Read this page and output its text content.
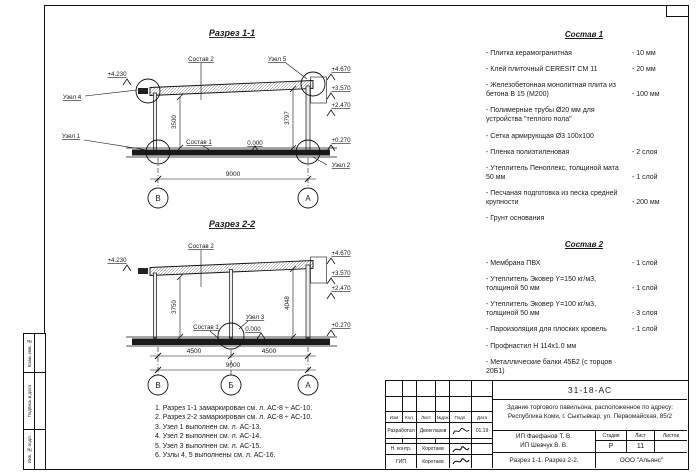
Разрез 1-1
3500	3797
Состав 2	Узел 5
Узел 4
Узел 1
Узел 2
Состав 1
+4.230
0.000
+4.670
+3.570
+2.470
+0.270
9000
В	А
Разрез 2-2
3750	4048
Состав 2
+4.230
Состав 1
Узел 3
0.000
+4.670
+3.570
+2.470
+0.270
4500	4500
9000
В	Б	А
Состав 1
- Плитка керамогранитная	- 10 мм
- Клей плиточный CERESIT CM 11	- 20 мм
- Железобетонная монолитная плита из бетона В 15 (М200)	- 100 мм
- Полимерные трубы Ø20 мм для устройства "теплого пола"
- Сетка армирующая Ø3 100х100
- Пленка полиэтиленовая	- 2 слоя
- Утеплитель Пеноплекс, толщиной мата 50 мм	- 1 слой
- Песчаная подготовка из песка средней крупности	- 200 мм
- Грунт основания
Состав 2
- Мембрана ПВХ	- 1 слой
- Утеплитель Эковер Y=150 кг/м3, толщиной 50 мм	- 1 слой
- Утеплитель Эковер Y=100 кг/м3, толщиной 50 мм	- 3 слоя
- Пароизоляция для плоских кровель	- 1 слой
- Профнастил Н 114х1.0 мм
- Металлические балки 45Б2 (с торцов 20Б1)
1. Разрез 1-1 замаркирован см. л. АС-8 ÷ АС-10.
2. Разрез 2-2 замаркирован см. л. АС-8 ÷ АС-10.
3. Узел 1 выполнен см. л. АС-13.
4. Узел 2 выполнен см. л. АС-14.
5. Узел 3 выполнен см. л. АС-15.
6. Узлы 4, 5 выполнены см. л. АС-16.
Взам. инв. №
Подпись и дата
Инв. № подл.
Изм	Кол.	Лист	№док	Подп.	Дата
Разработал	Двоеглазов	01.19
Н. контр.	Коротаев
ГИП	Коротаев
31-18-АС
Здание торгового павильона, расположенное по адресу:
Республика Коми, г. Сыктывкар, ул. Первомайская, 85/2
ИП Фаефанов Т. В.
ИП Шевчук В. В.
Стадия	Лист	Листов
Р	11
Разрез 1-1. Разрез 2-2.	ООО "Альянс"
